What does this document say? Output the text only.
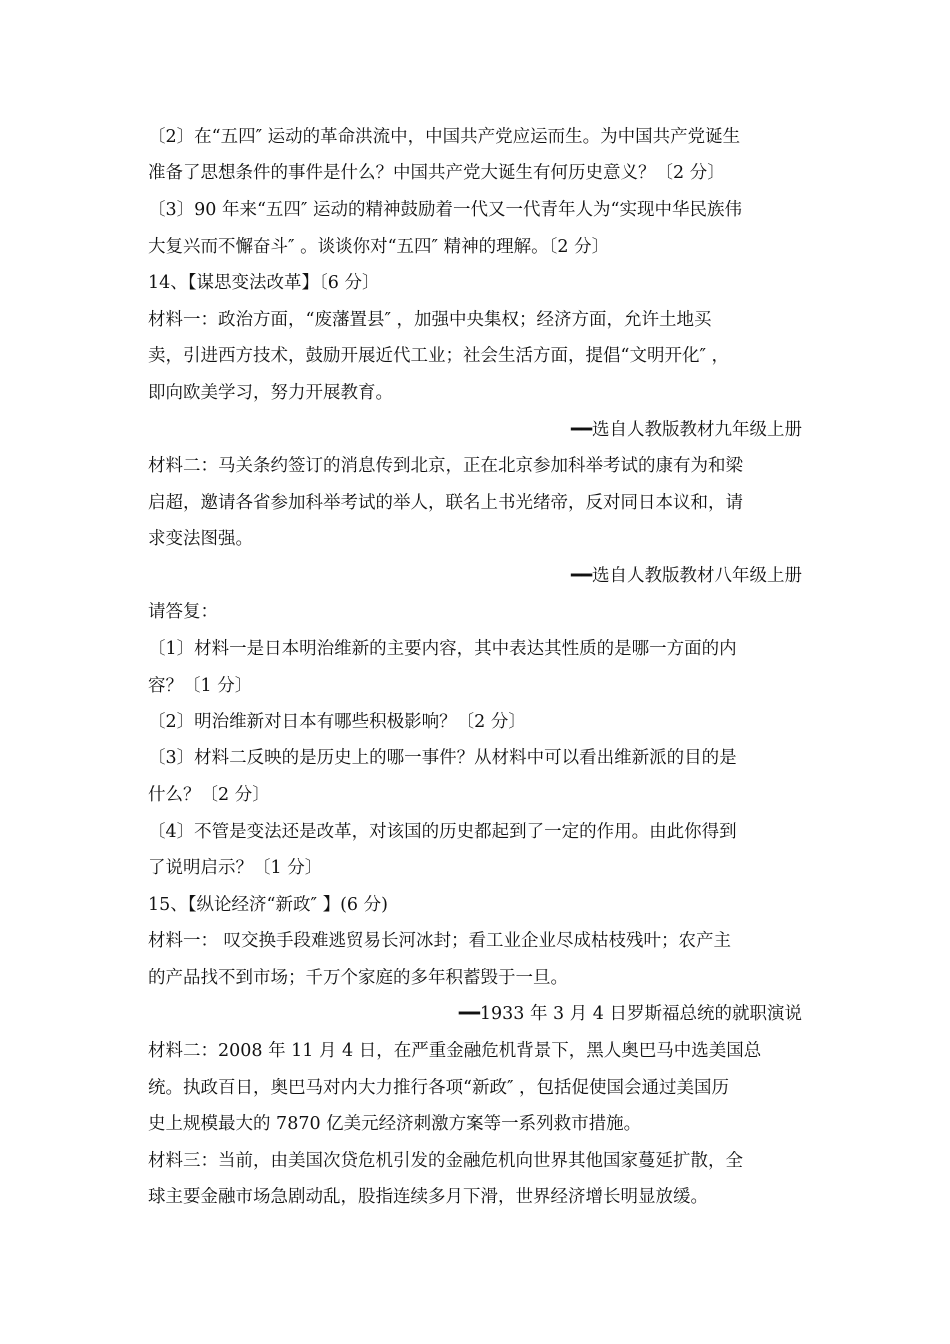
〔2〕在“五四″ 运动的革命洪流中，中国共产党应运而生。为中国共产党诞生
准备了思想条件的事件是什么？中国共产党大诞生有何历史意义？〔2 分〕
〔3〕90 年来“五四″ 运动的精神鼓励着一代又一代青年人为“实现中华民族伟
大复兴而不懈奋斗″ 。谈谈你对“五四″ 精神的理解。〔2 分〕
14、【谋思变法改革】〔6 分〕
材料一：政治方面，“废藩置县″ ，加强中央集权；经济方面，允许土地买
卖，引进西方技术，鼓励开展近代工业；社会生活方面，提倡“文明开化″ ，
即向欧美学习，努力开展教育。
━━选自人教版教材九年级上册
材料二：马关条约签订的消息传到北京，正在北京参加科举考试的康有为和梁
启超，邀请各省参加科举考试的举人，联名上书光绪帝，反对同日本议和，请
求变法图强。
━━选自人教版教材八年级上册
请答复：
〔1〕材料一是日本明治维新的主要内容，其中表达其性质的是哪一方面的内
容？〔1 分〕
〔2〕明治维新对日本有哪些积极影响？〔2 分〕
〔3〕材料二反映的是历史上的哪一事件？从材料中可以看出维新派的目的是
什么？〔2 分〕
〔4〕不管是变法还是改革，对该国的历史都起到了一定的作用。由此你得到
了说明启示？〔1 分〕
15、【纵论经济“新政″ 】(6 分)
材料一： 叹交换手段难逃贸易长河冰封；看工业企业尽成枯枝残叶；农产主
的产品找不到市场；千万个家庭的多年积蓄毁于一旦。
━━1933 年 3 月 4 日罗斯福总统的就职演说
材料二：2008 年 11 月 4 日，在严重金融危机背景下，黑人奥巴马中选美国总
统。执政百日，奥巴马对内大力推行各项“新政″ ，包括促使国会通过美国历
史上规模最大的 7870 亿美元经济刺激方案等一系列救市措施。
材料三：当前，由美国次贷危机引发的金融危机向世界其他国家蔓延扩散，全
球主要金融市场急剧动乱，股指连续多月下滑，世界经济增长明显放缓。
